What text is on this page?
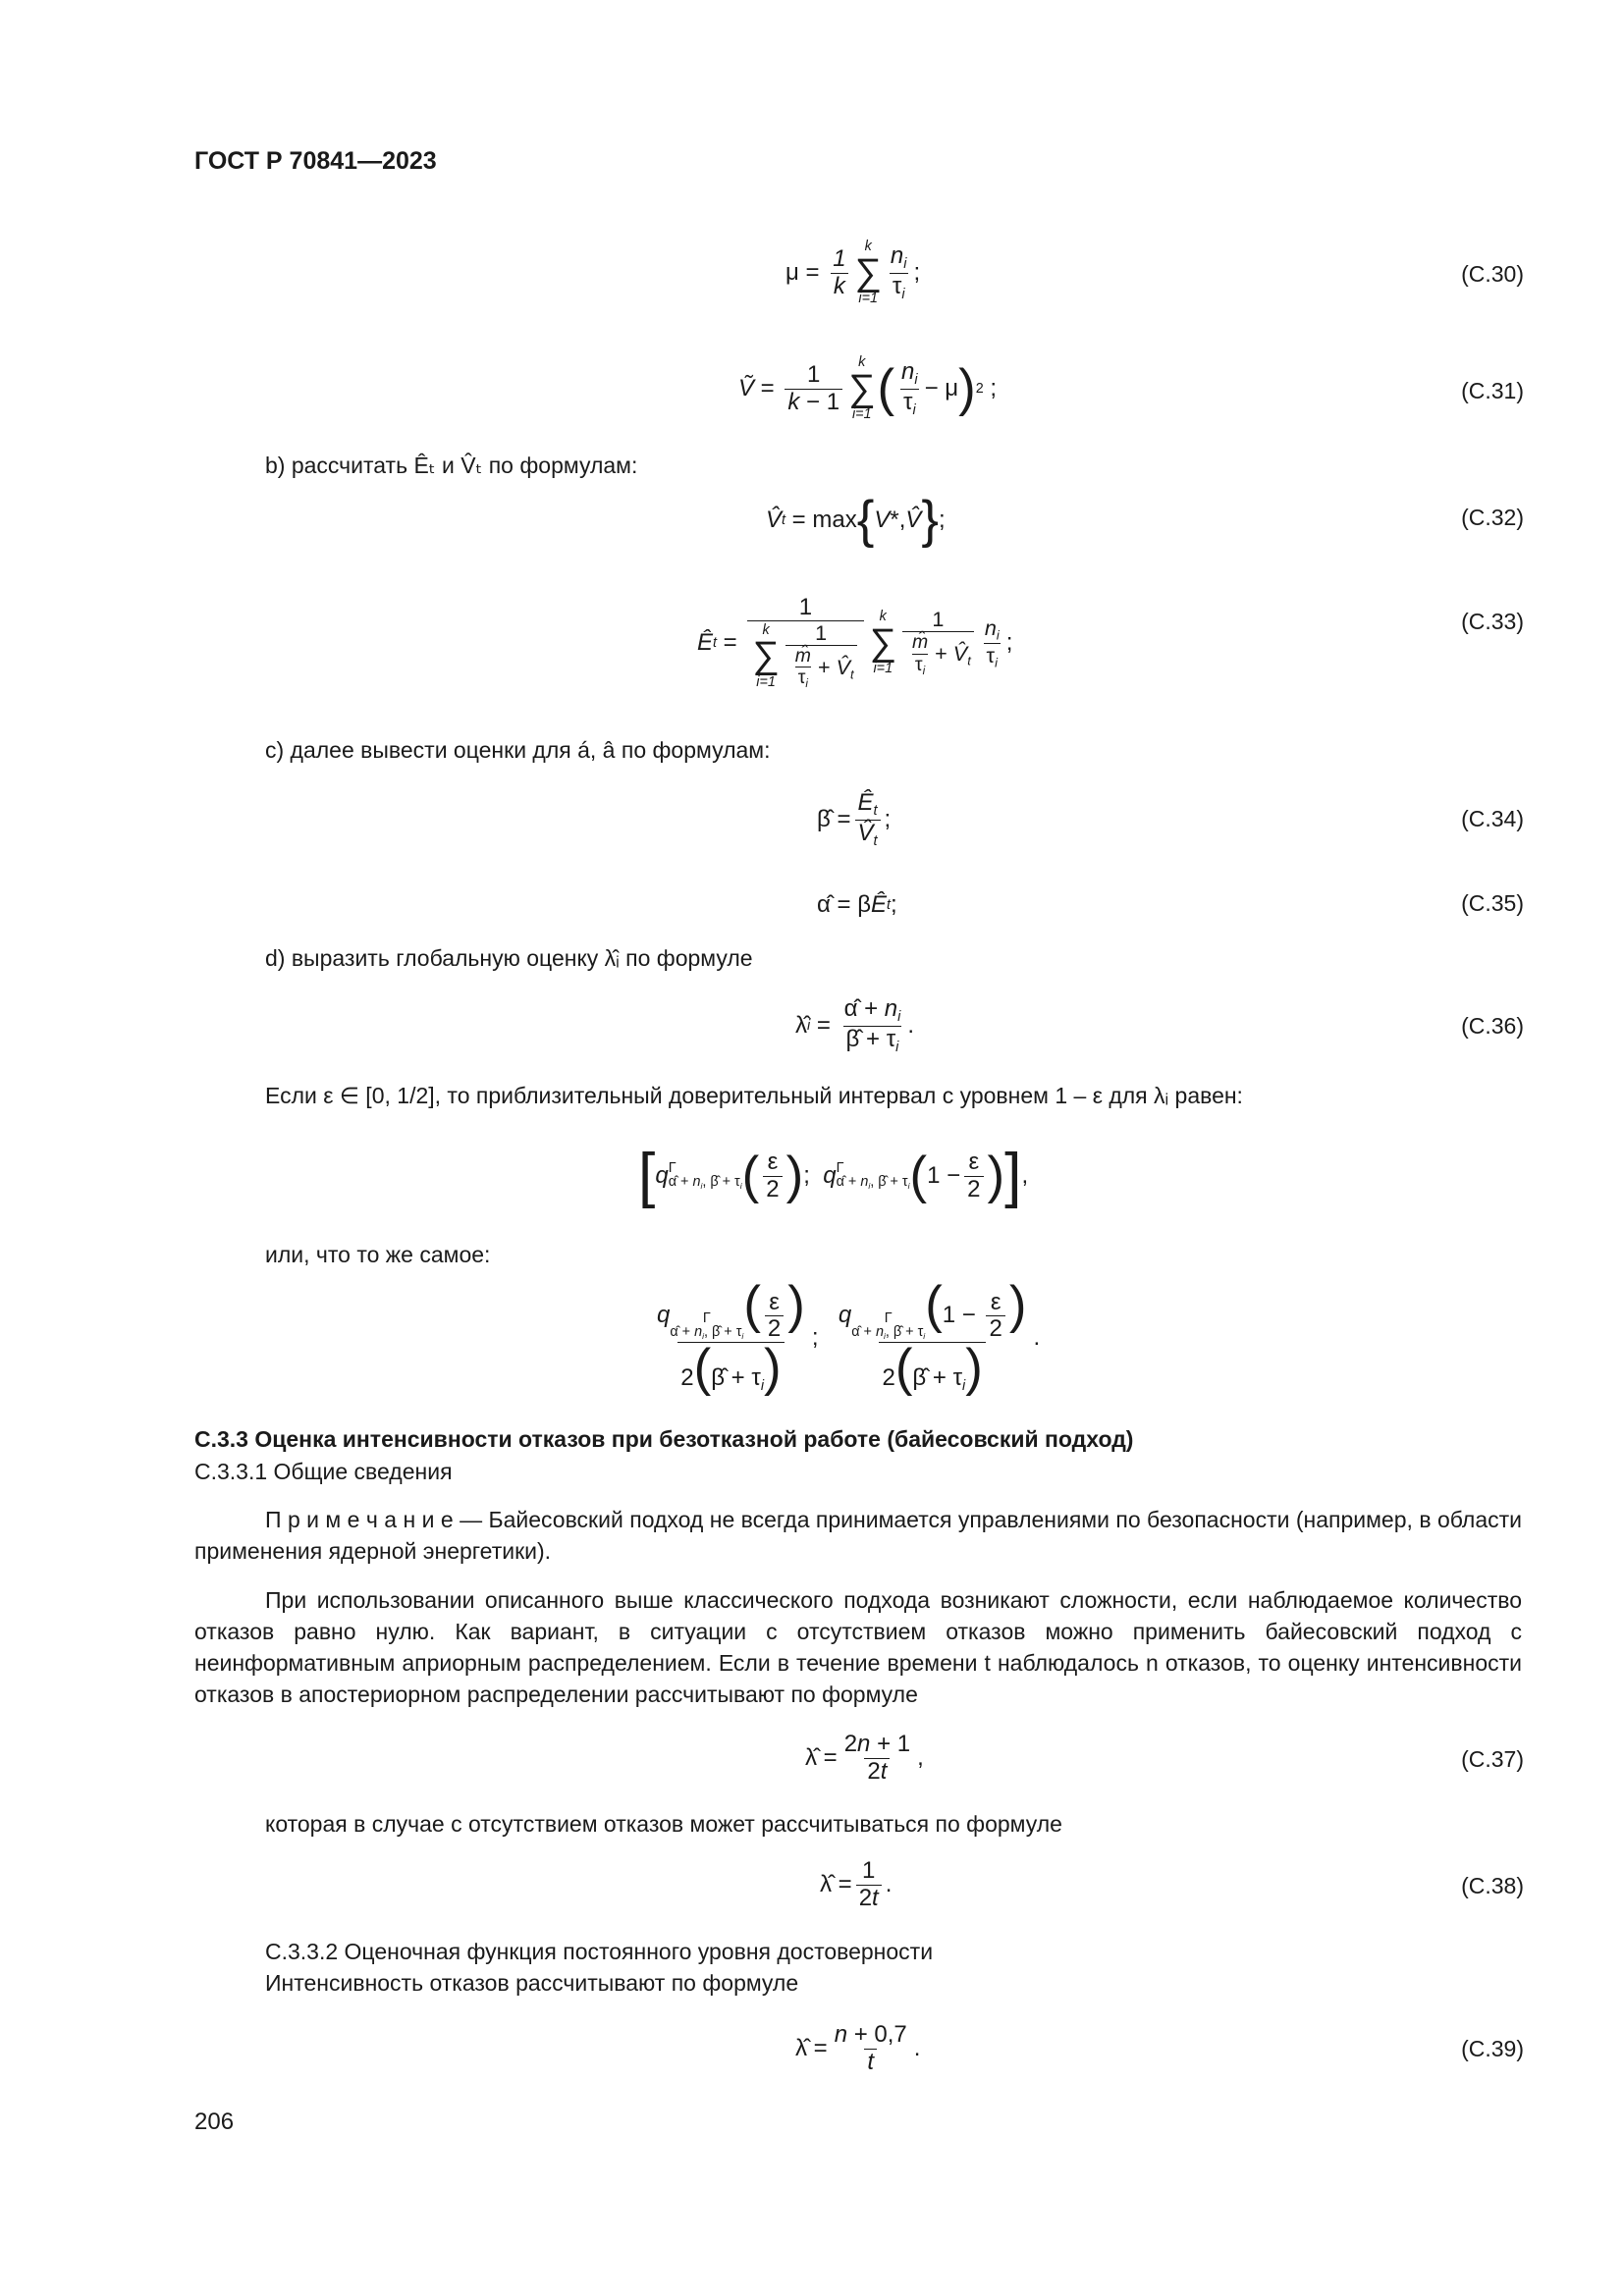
ГОСТ Р 70841—2023
$\mu = \frac{1}{k}$ k
∑
$i=1 \frac{n_i}{\tau_i}$ ;	(С.30)
Ṽ = $\frac{1}{k - 1}$ k
∑
i=1 ( $\frac{n_i}{\tau_i} - \mu$ ) 2 ;	(С.31)
b) рассчитать Êₜ и V̂ₜ по формулам:
V̂ t = max { V *, V̂ } ;	(С.32)
Ê t = 1
k
∑
$i=1 \frac{1}{\frac{m̂}{\tau_i} + V̂_t}$ k
∑
$i=1 \frac{1}{\frac{m̂}{\tau_i} + V̂_t} \frac{n_i}{\tau_i}$ ;
(С.33)
c) далее вывести оценки для á, â по формулам:
β̂ = $\frac{Ê_t}{V̂_t}$ ;	(С.34)
α̂ = β Ê t ;	(С.35)
d) выразить глобальную оценку λ̂ᵢ по формуле
λ̂ $i = \frac{\alphâ + n_i}{\betâ + \tau_i}$ .	(С.36)
Если ε ∈ [0, 1/2], то приблизительный доверительный интервал с уровнем 1 – ε для λᵢ равен:
[ q Γ
α̂ + $n_i$, β̂ + $\tau_i$ ( $\frac{\varepsilon}{2}$ ) ; q Γ
α̂ + $n_i$, β̂ + $\tau_i$ ( $1 - \frac{\varepsilon}{2}$ ) ] ,
или, что то же самое:
q	Γ
α̂ + $n_i$, β̂ + $\tau_i$
( $\frac{\varepsilon}{2}$ )
2(β̂ + $\tau_i$) ; q	Γ
α̂ + $n_i$, β̂ + $\tau_i$
($1 - \frac{\varepsilon}{2}$ )
2(β̂ + $\tau_i$) .
С.3.3 Оценка интенсивности отказов при безотказной работе (байесовский подход)
С.3.3.1 Общие сведения
П р и м е ч а н и е — Байесовский подход не всегда принимается управлениями по безопасности (например, в области применения ядерной энергетики).
При использовании описанного выше классического подхода возникают сложности, если наблюдаемое количество отказов равно нулю. Как вариант, в ситуации с отсутствием отказов можно применить байесовский подход с неинформативным априорным распределением. Если в течение времени t наблюдалось n отказов, то оценку интенсивности отказов в апостериорном распределении рассчитывают по формуле
λ̂ = $\frac{2n + 1}{2t}$ ,	(С.37)
которая в случае с отсутствием отказов может рассчитываться по формуле
λ̂ = $\frac{1}{2t}$ .	(С.38)
С.3.3.2 Оценочная функция постоянного уровня достоверности
Интенсивность отказов рассчитывают по формуле
λ̂ = $\frac{n + 0,7}{t}$ .	(С.39)
206
